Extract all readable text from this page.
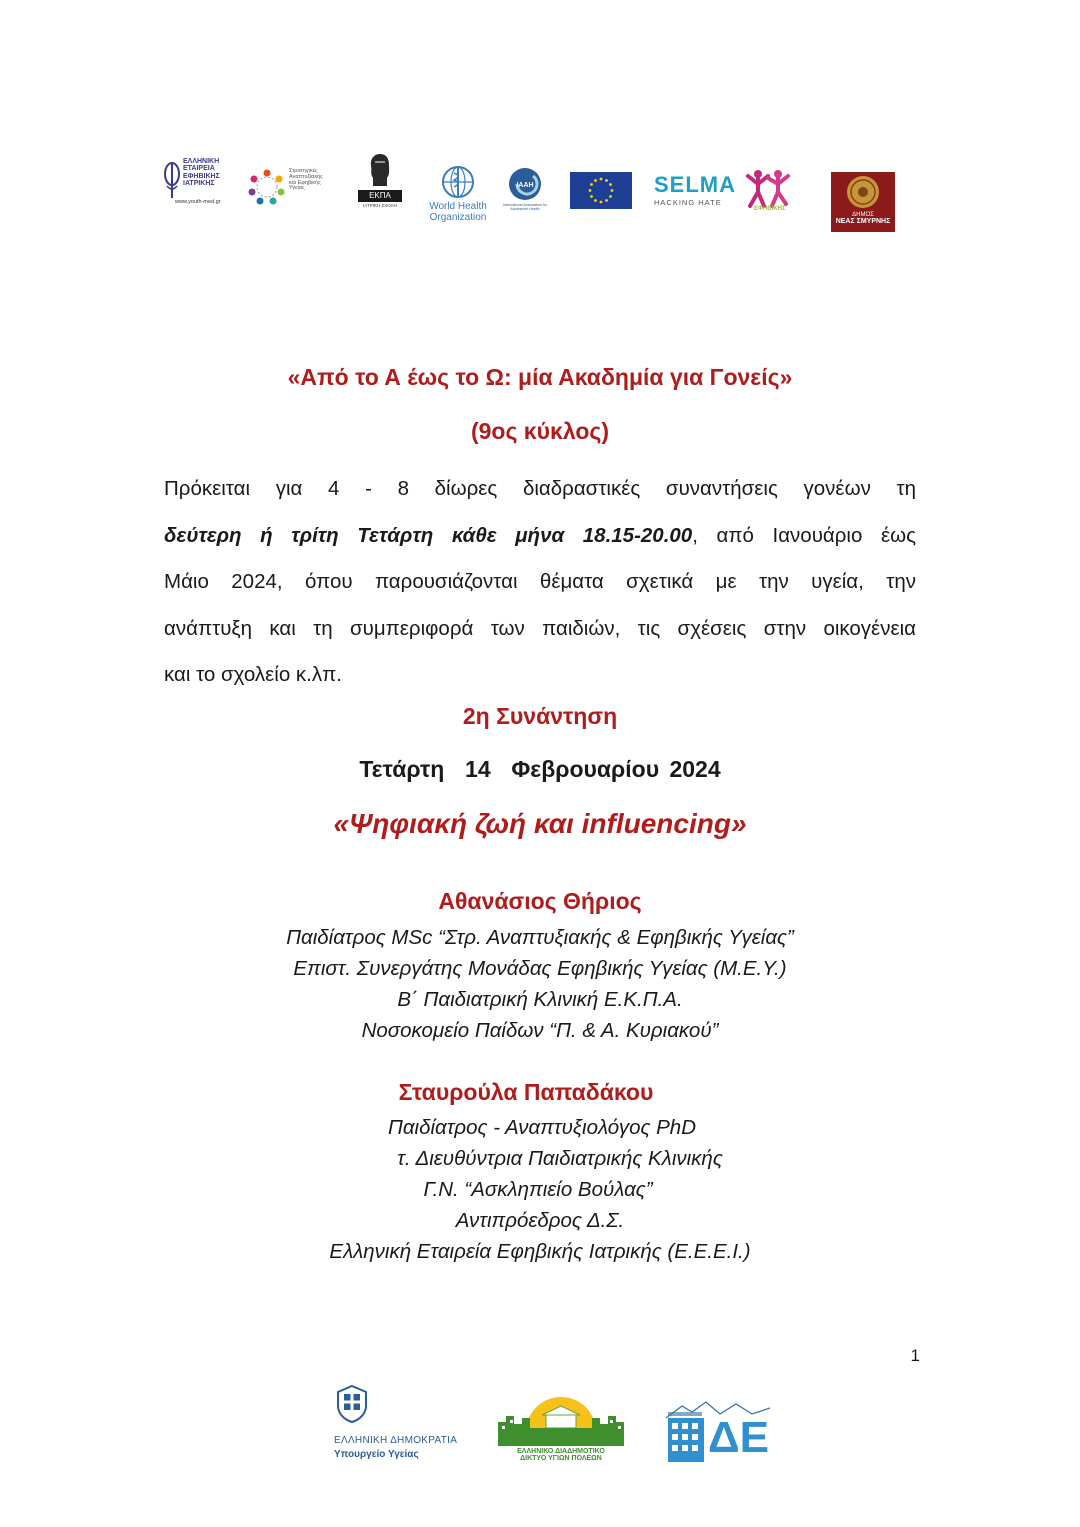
ΕΛΛΗΝΙΚΗ
ΕΤΑΙΡΕΙΑ
ΕΦΗΒΙΚΗΣ
ΙΑΤΡΙΚΗΣ
www.youth-med.gr
Στρατηγικές
Αναπτυξιακής
και Εφηβικής
Υγείας
ΕΚΠΑ
ΙΑΤΡΙΚΗ ΣΧΟΛΗ	World Health
Organization
IAAH
International Association for Adolescent Health
SELMA
HACKING HATE
ΕΦΗΒΙΚΗΣ
ΔΗΜΟΣ
ΝΕΑΣ ΣΜΥΡΝΗΣ
«Από το Α έως το Ω: μία Ακαδημία για Γονείς»
(9ος κύκλος)
Πρόκειται για 4 - 8 δίωρες διαδραστικές συναντήσεις γονέων τη
δεύτερη ή τρίτη Τετάρτη κάθε μήνα 18.15-20.00, από Ιανουάριο έως
Μάιο 2024, όπου παρουσιάζονται θέματα σχετικά με την υγεία, την
ανάπτυξη και τη συμπεριφορά των παιδιών, τις σχέσεις στην οικογένεια
και το σχολείο κ.λπ.
2η Συνάντηση
Τετάρτη  14  Φεβρουαρίου 2024
«Ψηφιακή ζωή και influencing»
Αθανάσιος Θήριος
Παιδίατρος MSc “Στρ. Αναπτυξιακής & Εφηβικής Υγείας”
Επιστ. Συνεργάτης Μονάδας Εφηβικής Υγείας (Μ.Ε.Υ.)
Β΄ Παιδιατρική Κλινική Ε.Κ.Π.Α.
Νοσοκομείο Παίδων “Π. & Α. Κυριακού”
Σταυρούλα Παπαδάκου
Παιδίατρος - Αναπτυξιολόγος PhD
τ. Διευθύντρια Παιδιατρικής Κλινικής
Γ.Ν. “Ασκληπιείο Βούλας”
Αντιπρόεδρος Δ.Σ.
Ελληνική Εταιρεία Εφηβικής Ιατρικής (Ε.Ε.Ε.Ι.)
1
ΕΛΛΗΝΙΚΗ ΔΗΜΟΚΡΑΤΙΑ
Υπουργείο Υγείας	ΕΛΛΗΝΙΚΟ ΔΙΑΔΗΜΟΤΙΚΟ
ΔΙΚΤΥΟ ΥΓΙΩΝ ΠΟΛΕΩΝ	ΔΕ
